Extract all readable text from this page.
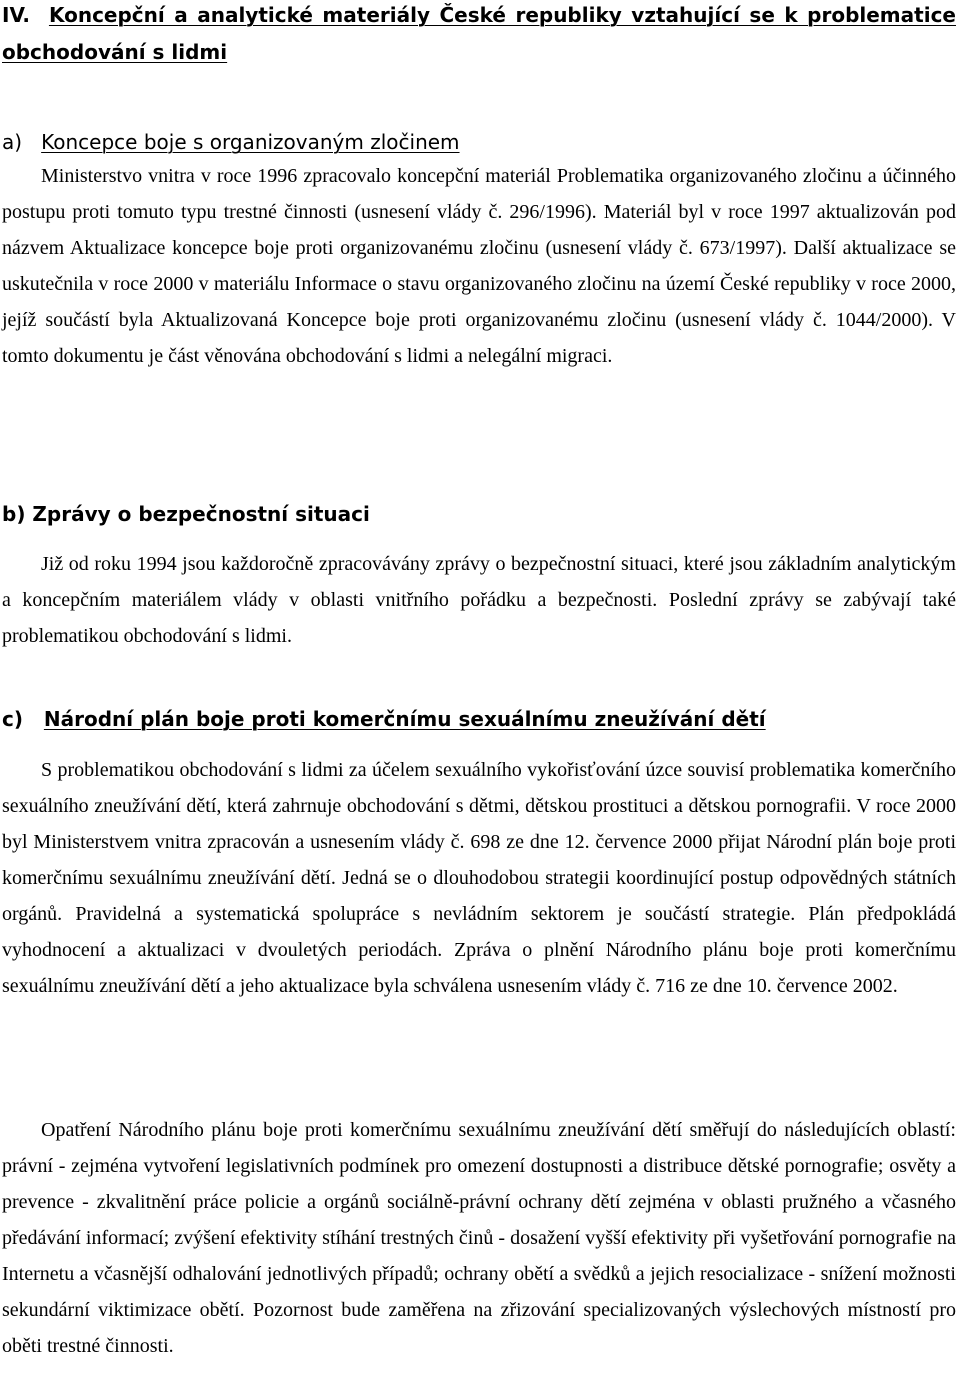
IV. Koncepční a analytické materiály České republiky vztahující se k problematice obchodování s lidmi
a) Koncepce boje s organizovaným zločinem
Ministerstvo vnitra v roce 1996 zpracovalo koncepční materiál Problematika organizovaného zločinu a účinného postupu proti tomuto typu trestné činnosti (usnesení vlády č. 296/1996). Materiál byl v roce 1997 aktualizován pod názvem Aktualizace koncepce boje proti organizovanému zločinu (usnesení vlády č. 673/1997). Další aktualizace se uskutečnila v roce 2000 v materiálu Informace o stavu organizovaného zločinu na území České republiky v roce 2000, jejíž součástí byla Aktualizovaná Koncepce boje proti organizovanému zločinu (usnesení vlády č. 1044/2000). V tomto dokumentu je část věnována obchodování s lidmi a nelegální migraci.
b) Zprávy o bezpečnostní situaci
Již od roku 1994 jsou každoročně zpracovávány zprávy o bezpečnostní situaci, které jsou základním analytickým a koncepčním materiálem vlády v oblasti vnitřního pořádku a bezpečnosti. Poslední zprávy se zabývají také problematikou obchodování s lidmi.
c) Národní plán boje proti komerčnímu sexuálnímu zneužívání dětí
S problematikou obchodování s lidmi za účelem sexuálního vykořisťování úzce souvisí problematika komerčního sexuálního zneužívání dětí, která zahrnuje obchodování s dětmi, dětskou prostituci a dětskou pornografii. V roce 2000 byl Ministerstvem vnitra zpracován a usnesením vlády č. 698 ze dne 12. července 2000 přijat Národní plán boje proti komerčnímu sexuálnímu zneužívání dětí. Jedná se o dlouhodobou strategii koordinující postup odpovědných státních orgánů. Pravidelná a systematická spolupráce s nevládním sektorem je součástí strategie. Plán předpokládá vyhodnocení a aktualizaci v dvouletých periodách. Zpráva o plnění Národního plánu boje proti komerčnímu sexuálnímu zneužívání dětí a jeho aktualizace byla schválena usnesením vlády č. 716 ze dne 10. července 2002.
Opatření Národního plánu boje proti komerčnímu sexuálnímu zneužívání dětí směřují do následujících oblastí: právní - zejména vytvoření legislativních podmínek pro omezení dostupnosti a distribuce dětské pornografie; osvěty a prevence - zkvalitnění práce policie a orgánů sociálně-právní ochrany dětí zejména v oblasti pružného a včasného předávání informací; zvýšení efektivity stíhání trestných činů - dosažení vyšší efektivity při vyšetřování pornografie na Internetu a včasnější odhalování jednotlivých případů; ochrany obětí a svědků a jejich resocializace - snížení možnosti sekundární viktimizace obětí. Pozornost bude zaměřena na zřizování specializovaných výslechových místností pro oběti trestné činnosti.
